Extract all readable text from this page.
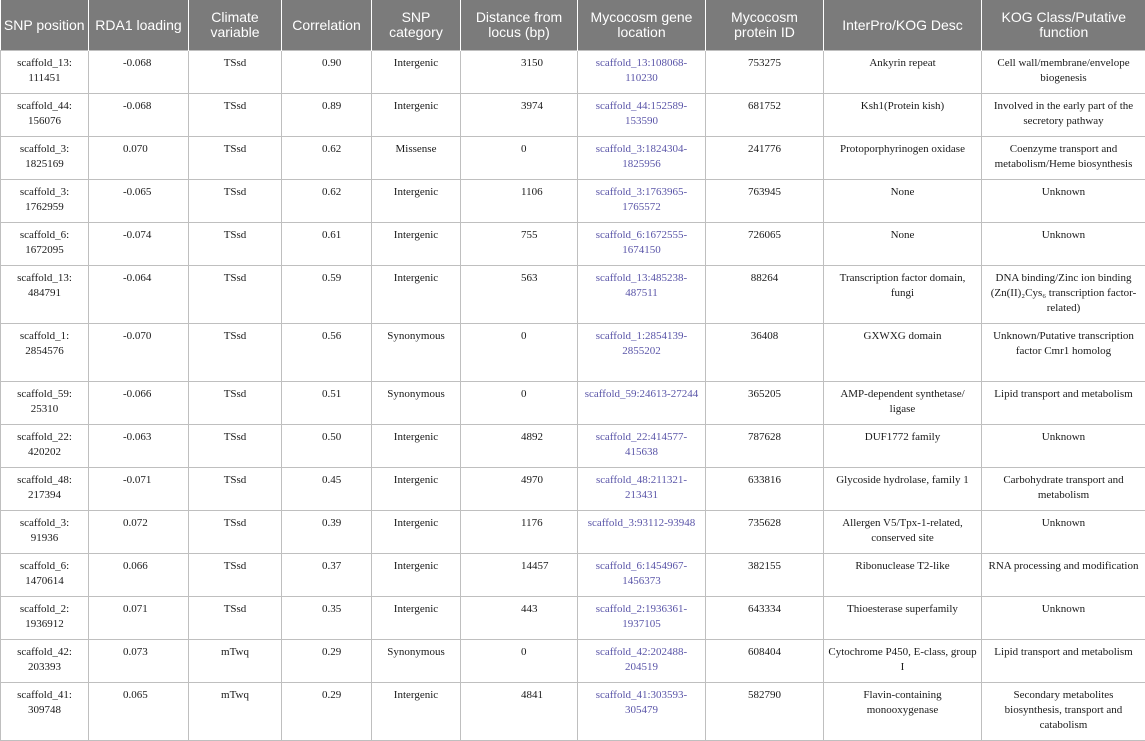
SNP position	RDA1 loading	Climate variable	Correlation	SNP category	Distance from locus (bp)	Mycocosm gene location	Mycocosm protein ID	InterPro/KOG Desc	KOG Class/Putative function
scaffold_13: 111451	-0.068	TSsd	0.90	Intergenic	3150	scaffold_13:108068-110230	753275	Ankyrin repeat	Cell wall/membrane/envelope biogenesis
scaffold_44: 156076	-0.068	TSsd	0.89	Intergenic	3974	scaffold_44:152589-153590	681752	Ksh1(Protein kish)	Involved in the early part of the secretory pathway
scaffold_3: 1825169	0.070	TSsd	0.62	Missense	0	scaffold_3:1824304-1825956	241776	Protoporphyrinogen oxidase	Coenzyme transport and metabolism/Heme biosynthesis
scaffold_3: 1762959	-0.065	TSsd	0.62	Intergenic	1106	scaffold_3:1763965-1765572	763945	None	Unknown
scaffold_6: 1672095	-0.074	TSsd	0.61	Intergenic	755	scaffold_6:1672555-1674150	726065	None	Unknown
scaffold_13: 484791	-0.064	TSsd	0.59	Intergenic	563	scaffold_13:485238-487511	88264	Transcription factor domain, fungi	DNA binding/Zinc ion binding (Zn(II)₂Cys₆ transcription factor-related)
scaffold_1: 2854576	-0.070	TSsd	0.56	Synonymous	0	scaffold_1:2854139-2855202	36408	GXWXG domain	Unknown/Putative transcription factor Cmr1 homolog
scaffold_59: 25310	-0.066	TSsd	0.51	Synonymous	0	scaffold_59:24613-27244	365205	AMP-dependent synthetase/ ligase	Lipid transport and metabolism
scaffold_22: 420202	-0.063	TSsd	0.50	Intergenic	4892	scaffold_22:414577-415638	787628	DUF1772 family	Unknown
scaffold_48: 217394	-0.071	TSsd	0.45	Intergenic	4970	scaffold_48:211321-213431	633816	Glycoside hydrolase, family 1	Carbohydrate transport and metabolism
scaffold_3: 91936	0.072	TSsd	0.39	Intergenic	1176	scaffold_3:93112-93948	735628	Allergen V5/Tpx-1-related, conserved site	Unknown
scaffold_6: 1470614	0.066	TSsd	0.37	Intergenic	14457	scaffold_6:1454967-1456373	382155	Ribonuclease T2-like	RNA processing and modification
scaffold_2: 1936912	0.071	TSsd	0.35	Intergenic	443	scaffold_2:1936361-1937105	643334	Thioesterase superfamily	Unknown
scaffold_42: 203393	0.073	mTwq	0.29	Synonymous	0	scaffold_42:202488-204519	608404	Cytochrome P450, E-class, group I	Lipid transport and metabolism
scaffold_41: 309748	0.065	mTwq	0.29	Intergenic	4841	scaffold_41:303593-305479	582790	Flavin-containing monooxygenase	Secondary metabolites biosynthesis, transport and catabolism
